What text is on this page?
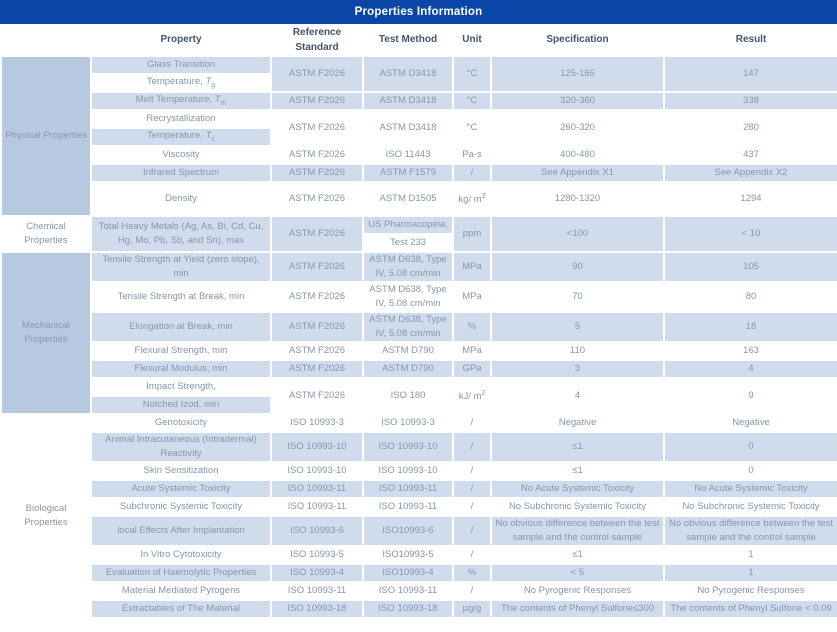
Properties Information
	Property	Reference Standard	Test Method	Unit	Specification	Result
Physical Properties	Glass Transition	ASTM F2026	ASTM D3418	°C	125-165	147
	Temperature, $T_g$
	Melt Temperature, $T_m$	ASTM F2026	ASTM D3418	°C	320-360	338
	Recrystallization	ASTM F2026	ASTM D3418	°C	260-320	280
	Temperature, $T_c$
	Viscosity	ASTM F2026	ISO 11443	Pa-s	400-480	437
	Infrared Spectrum	ASTM F2026	ASTM F1579	/	See Appendix X1	See Appendix X2
	Density	ASTM F2026	ASTM D1505	kg/ $m^3$	1280-1320	1294
Chemical Properties	Total Heavy Metals (Ag, As, Bi, Cd, Cu, Hg, Mo, Pb, Sb, and Sn), max	ASTM F2026	US Pharmacopeia,	ppm	<100	< 10
			Test 233			
Mechanical Properties	Tensile Strength at Yield (zero slope), min	ASTM F2026	ASTM D638, Type IV, 5.08 cm/min	MPa	90	105
	Tensile Strength at Break, min	ASTM F2026	ASTM D638, Type IV, 5.08 cm/min	MPa	70	80
	Elongation at Break, min	ASTM F2026	ASTM D638, Type IV, 5.08 cm/min	%	5	18
	Flexural Strength, min	ASTM F2026	ASTM D790	MPa	110	163
	Flexural Modulus, min	ASTM F2026	ASTM D790	GPa	3	4
	Impact Strength,	ASTM F2026	ISO 180	kJ/ $m^2$	4	9
	Notched Izod, min					
Biological Properties	Genotoxicity	ISO 10993-3	ISO 10993-3	/	Negative	Negative
	Animal Intracutaneous (Intradermal) Reactivity	ISO 10993-10	ISO 10993-10	/	≤1	0
	Skin Sensitization	ISO 10993-10	ISO 10993-10	/	≤1	0
	Acute Systemic Toxicity	ISO 10993-11	ISO 10993-11	/	No Acute Systemic Toxicity	No Acute Systemic Toxicity
	Subchronic Systemic Toxicity	ISO 10993-11	ISO 10993-11	/	No Subchronic Systemic Toxicity	No Subchronic Systemic Toxicity
	local Effects After Implantation	ISO 10993-6	ISO10993-6	/	No obvious difference between the test sample and the control sample	No obvious difference between the test sample and the control sample
	In Vitro Cytotoxicity	ISO 10993-5	ISO10993-5	/	≤1	1
	Evaluation of Haemolytic Properties	ISO 10993-4	ISO10993-4	%	< 5	1
	Material Mediated Pyrogens	ISO 10993-11	ISO 10993-11	/	No Pyrogenic Responses	No Pyrogenic Responses
	Extractables of The Material	ISO 10993-18	ISO 10993-18	µg/g	The contents of Phenyl Sulfone≤300	The contents of Phenyl Sulfone < 0.09
